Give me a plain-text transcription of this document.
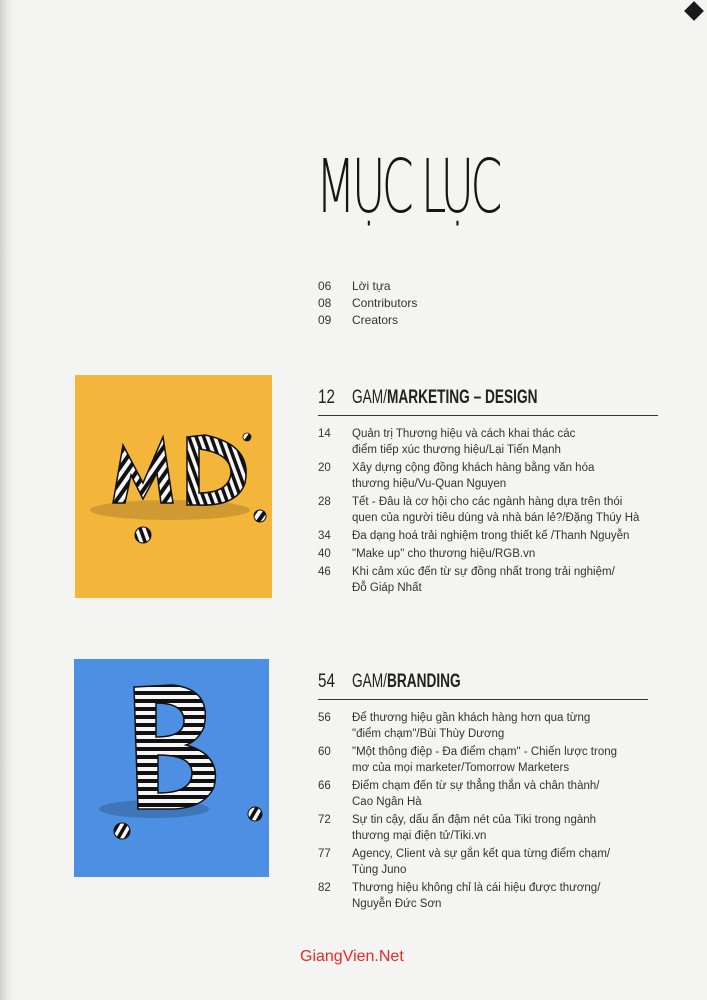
MỤC LỤC
06	Lời tựa
08	Contributors
09	Creators
12 GAM/MARKETING – DESIGN
14	Quản trị Thương hiệu và cách khai thác các
điểm tiếp xúc thương hiệu/Lại Tiến Mạnh
20	Xây dựng cộng đồng khách hàng bằng văn hóa
thương hiệu/Vu-Quan Nguyen
28	Tết - Đâu là cơ hội cho các ngành hàng dựa trên thói
quen của người tiêu dùng và nhà bán lẻ?/Đặng Thúy Hà
34	Đa dạng hoá trải nghiệm trong thiết kế /Thanh Nguyễn
40	"Make up" cho thương hiệu/RGB.vn
46	Khi cảm xúc đến từ sự đồng nhất trong trải nghiệm/
Đỗ Giáp Nhất
54 GAM/BRANDING
56	Để thương hiệu gần khách hàng hơn qua từng
"điểm chạm"/Bùi Thùy Dương
60	"Một thông điệp - Đa điểm chạm" - Chiến lược trong
mơ của mọi marketer/Tomorrow Marketers
66	Điểm chạm đến từ sự thẳng thắn và chân thành/
Cao Ngân Hà
72	Sự tin cậy, dấu ấn đậm nét của Tiki trong ngành
thương mại điện tử/Tiki.vn
77	Agency, Client và sự gắn kết qua từng điểm chạm/
Tùng Juno
82	Thương hiệu không chỉ là cái hiệu được thương/
Nguyễn Đức Sơn
GiangVien.Net
